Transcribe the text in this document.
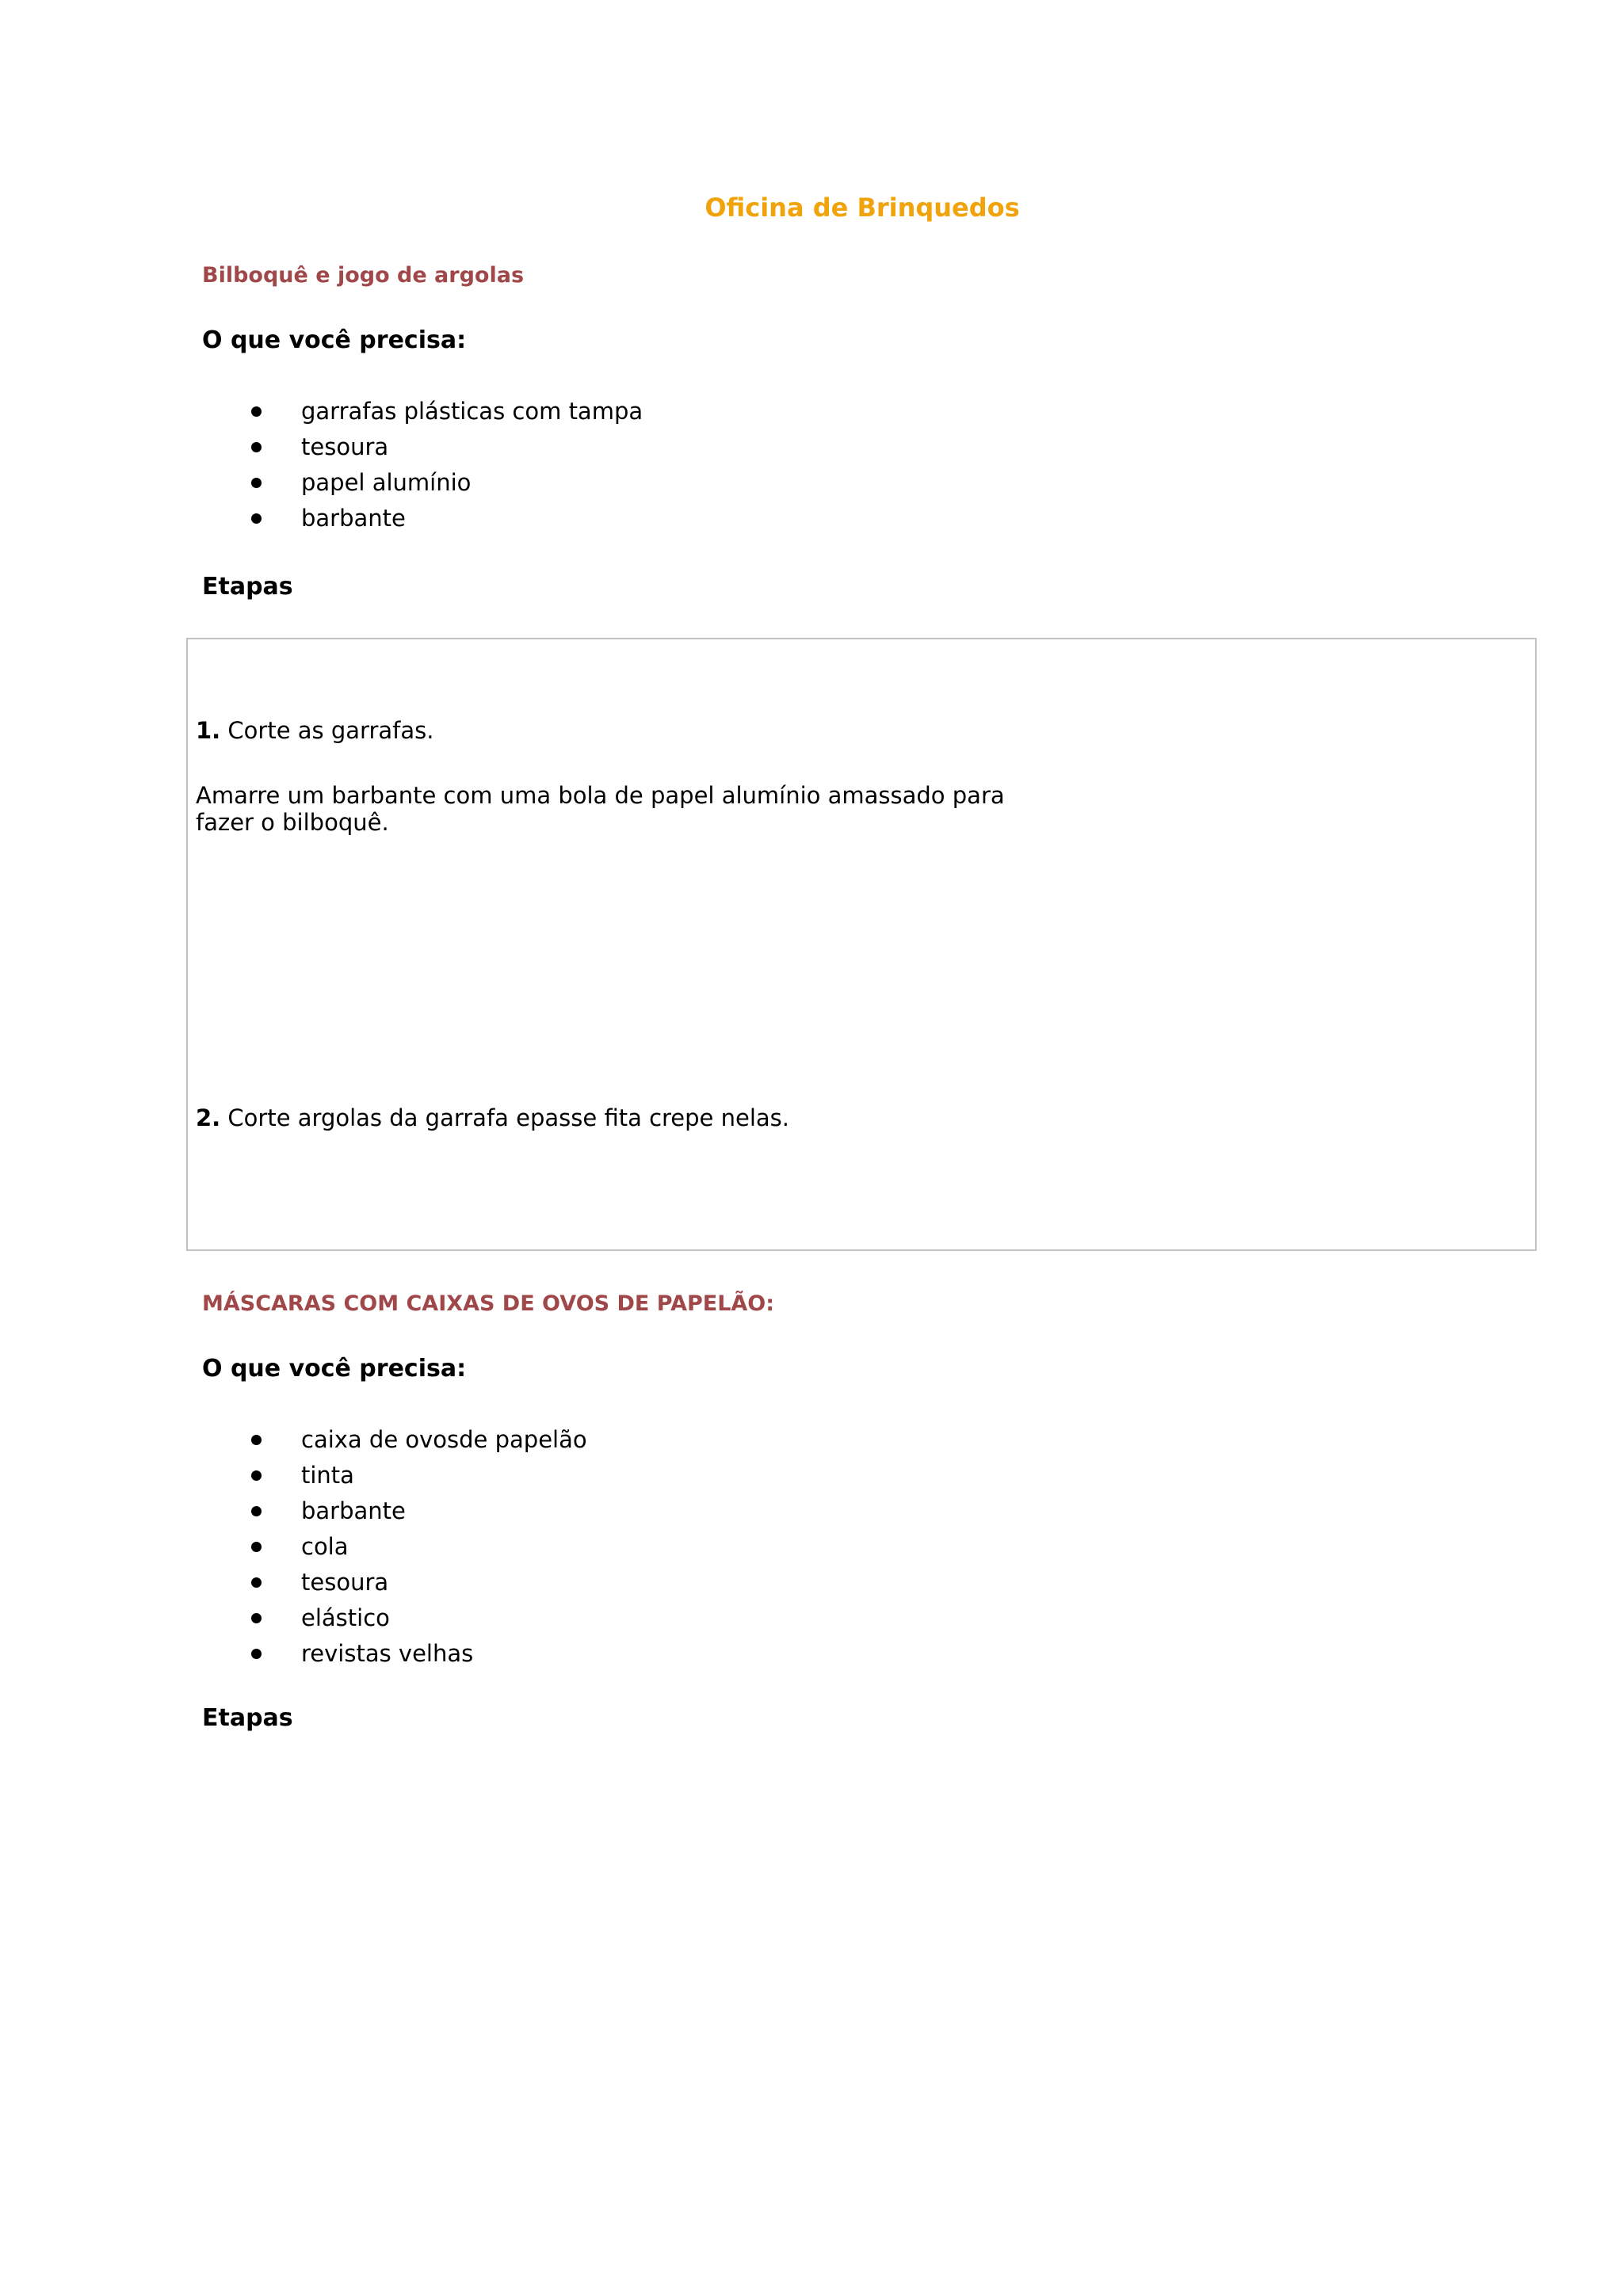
Oficina de Brinquedos

Bilboquê e jogo de argolas

O que você precisa:

garrafas plásticas com tampa
tesoura
papel alumínio
barbante

Etapas

1. Corte as garrafas.
Amarre um barbante com uma bola de papel alumínio amassado para fazer o bilboquê.
2. Corte argolas da garrafa epasse fita crepe nelas.

MÁSCARAS COM CAIXAS DE OVOS DE PAPELÃO:

O que você precisa:

caixa de ovosde papelão
tinta
barbante
cola
tesoura
elástico
revistas velhas

Etapas
